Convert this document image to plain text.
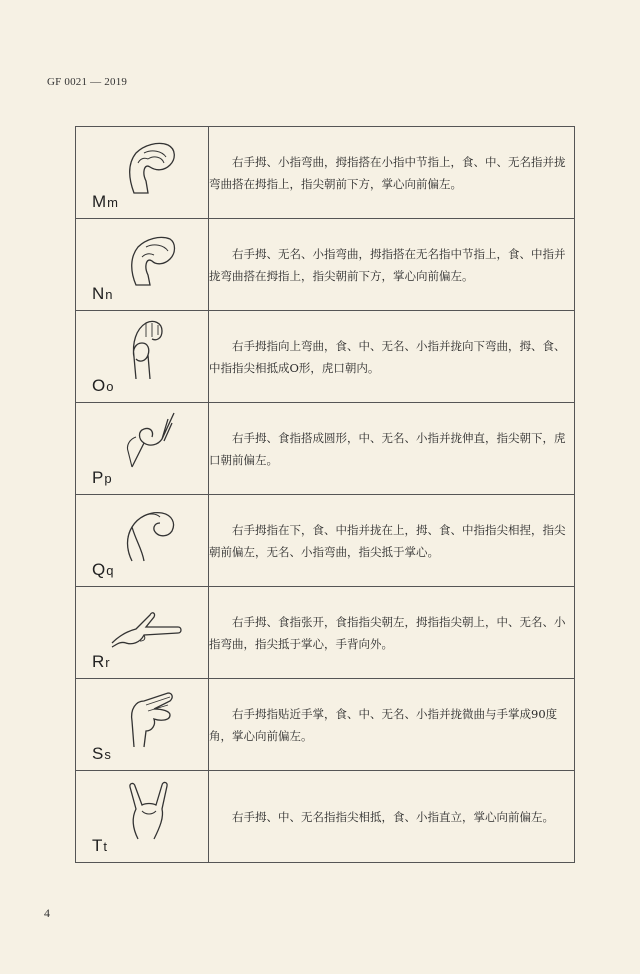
GF 0021 — 2019
Mm	右手拇、小指弯曲，拇指搭在小指中节指上，食、中、无名指并拢弯曲搭在拇指上，指尖朝前下方，掌心向前偏左。

Nn	右手拇、无名、小指弯曲，拇指搭在无名指中节指上，食、中指并拢弯曲搭在拇指上，指尖朝前下方，掌心向前偏左。

Oo	右手拇指向上弯曲，食、中、无名、小指并拢向下弯曲，拇、食、中指指尖相抵成O形，虎口朝内。

Pp	右手拇、食指搭成圆形，中、无名、小指并拢伸直，指尖朝下，虎口朝前偏左。

Qq	右手拇指在下，食、中指并拢在上，拇、食、中指指尖相捏，指尖朝前偏左，无名、小指弯曲，指尖抵于掌心。

Rr	右手拇、食指张开，食指指尖朝左，拇指指尖朝上，中、无名、小指弯曲，指尖抵于掌心，手背向外。

Ss	右手拇指贴近手掌，食、中、无名、小指并拢微曲与手掌成90度角，掌心向前偏左。

Tt	右手拇、中、无名指指尖相抵，食、小指直立，掌心向前偏左。
4
